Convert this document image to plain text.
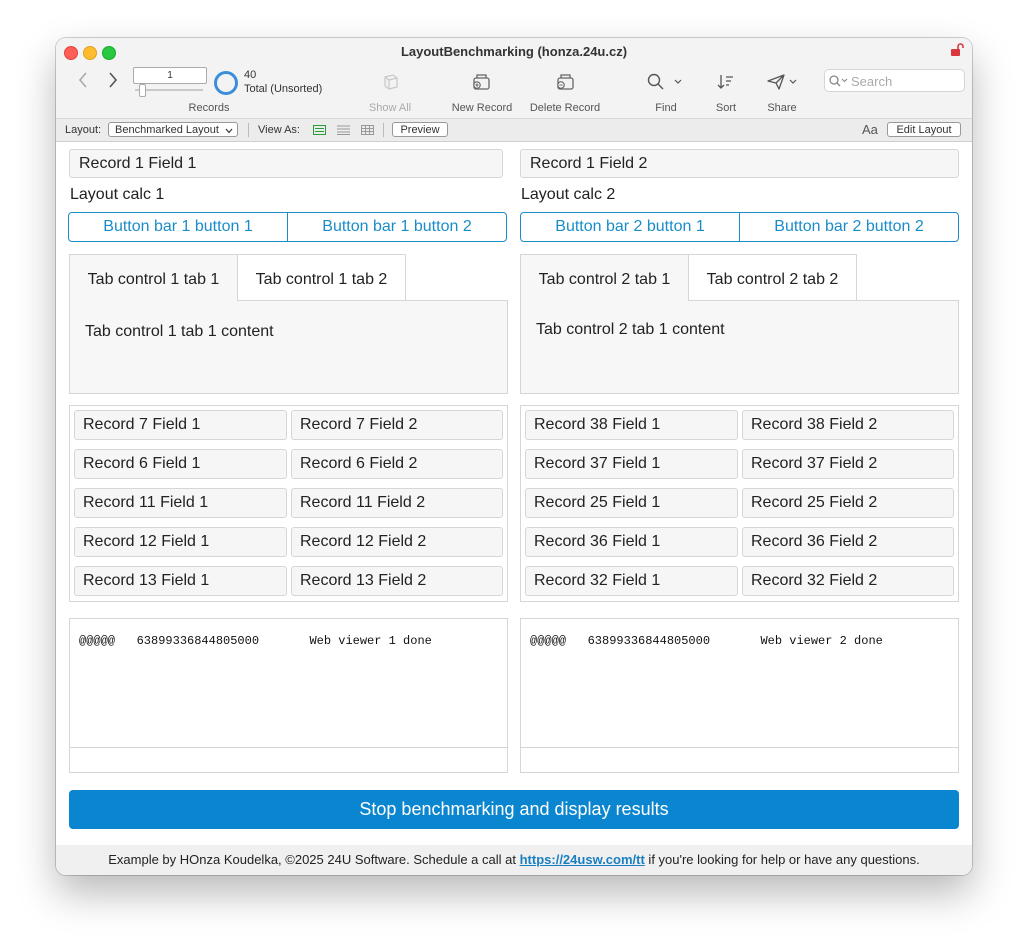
LayoutBenchmarking (honza.24u.cz)
1	40
Total (Unsorted)
Records	Show All	New Record	Delete Record	Find	Sort	Share
Search
Layout:	Benchmarked Layout	View As:	Preview	Aa	Edit Layout
Record 1 Field 1
Layout calc 1
Button bar 1 button 1	Button bar 1 button 2
Tab control 1 tab 1	Tab control 1 tab 2
Tab control 1 tab 1 content
Record 7 Field 1	Record 7 Field 2
Record 6 Field 1	Record 6 Field 2
Record 11 Field 1	Record 11 Field 2
Record 12 Field 1	Record 12 Field 2
Record 13 Field 1	Record 13 Field 2
@@@@@   63899336844805000       Web viewer 1 done
Record 1 Field 2
Layout calc 2
Button bar 2 button 1	Button bar 2 button 2
Tab control 2 tab 1	Tab control 2 tab 2
Tab control 2 tab 1 content
Record 38 Field 1	Record 38 Field 2
Record 37 Field 1	Record 37 Field 2
Record 25 Field 1	Record 25 Field 2
Record 36 Field 1	Record 36 Field 2
Record 32 Field 1	Record 32 Field 2
@@@@@   63899336844805000       Web viewer 2 done
Stop benchmarking and display results
Example by HOnza Koudelka, ©2025 24U Software. Schedule a call at https://24usw.com/tt if you're looking for help or have any questions.
